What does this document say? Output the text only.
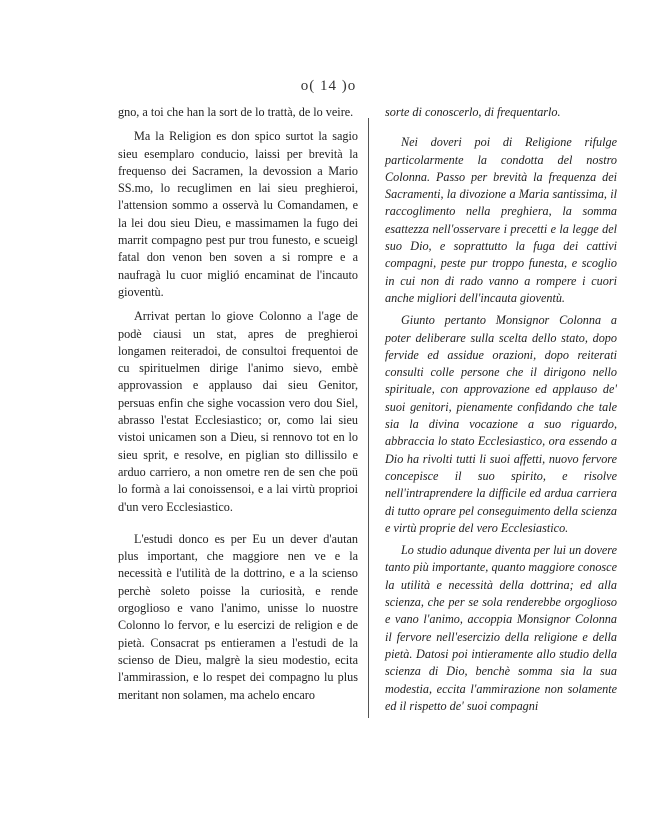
o( 14 )o

gno, a toi che han la sort de lo trattà, de lo veire.

Ma la Religion es don spico surtot la sagio sieu esemplaro conducio, laissi per brevità la frequenso dei Sacramen, la devossion a Mario SS.mo, lo recuglimen en lai sieu preghieroi, l'attension sommo a osservà lu Comandamen, e la lei dou sieu Dieu, e massimamen la fugo dei marrit compagno pest pur trou funesto, e scueigl fatal don venon ben soven a si rompre e a naufragà lu cuor miglió encaminat de l'incauto gioventù.

Arrivat pertan lo giove Colonno a l'age de podè ciausi un stat, apres de preghieroi longamen reiteradoi, de consultoi frequentoi de cu spirituelmen dirige l'animo sievo, embè approvassion e applauso dai sieu Genitor, persuas enfin che sighe vocassion vero dou Siel, abrasso l'estat Ecclesiastico; or, como lai sieu vistoi unicamen son a Dieu, si rennovo tot en lo sieu sprit, e resolve, en piglian sto dillissilo e arduo carriero, a non ometre ren de sen che poü lo formà a lai conoissensoi, e a lai virtù proprioi d'un vero Ecclesiastico.

L'estudi donco es per Eu un dever d'autan plus important, che maggiore nen ve e la necessità e l'utilità de la dottrino, e a la scienso perchè soleto poisse la curiosità, e rende orgoglioso e vano l'animo, unisse lo nuostre Colonno lo fervor, e lu esercizi de religion e de pietà. Consacrat ps entieramen a l'estudi de la scienso de Dieu, malgrè la sieu modestio, ecita l'ammirassion, e lo respet dei compagno lu plus meritant non solamen, ma achelo encaro

sorte di conoscerlo, di frequentarlo.

Nei doveri poi di Religione rifulge particolarmente la condotta del nostro Colonna. Passo per brevità la frequenza dei Sacramenti, la divozione a Maria santissima, il raccoglimento nella preghiera, la somma esattezza nell'osservare i precetti e la legge del suo Dio, e soprattutto la fuga dei cattivi compagni, peste pur troppo funesta, e scoglio in cui non di rado vanno a rompere i cuori anche migliori dell'incauta gioventù.

Giunto pertanto Monsignor Colonna a poter deliberare sulla scelta dello stato, dopo fervide ed assidue orazioni, dopo reiterati consulti colle persone che il dirigono nello spirituale, con approvazione ed applauso de' suoi genitori, pienamente confidando che tale sia la divina vocazione a suo riguardo, abbraccia lo stato Ecclesiastico, ora essendo a Dio ha rivolti tutti li suoi affetti, nuovo fervore concepisce il suo spirito, e risolve nell'intraprendere la difficile ed ardua carriera di tutto oprare pel conseguimento della scienza e virtù proprie del vero Ecclesiastico.

Lo studio adunque diventa per lui un dovere tanto più importante, quanto maggiore conosce la utilità e necessità della dottrina; ed alla scienza, che per se sola renderebbe orgoglioso e vano l'animo, accoppia Monsignor Colonna il fervore nell'esercizio della religione e della pietà. Datosi poi intieramente allo studio della scienza di Dio, benchè somma sia la sua modestia, eccita l'ammirazione non solamente ed il rispetto de' suoi compagni
